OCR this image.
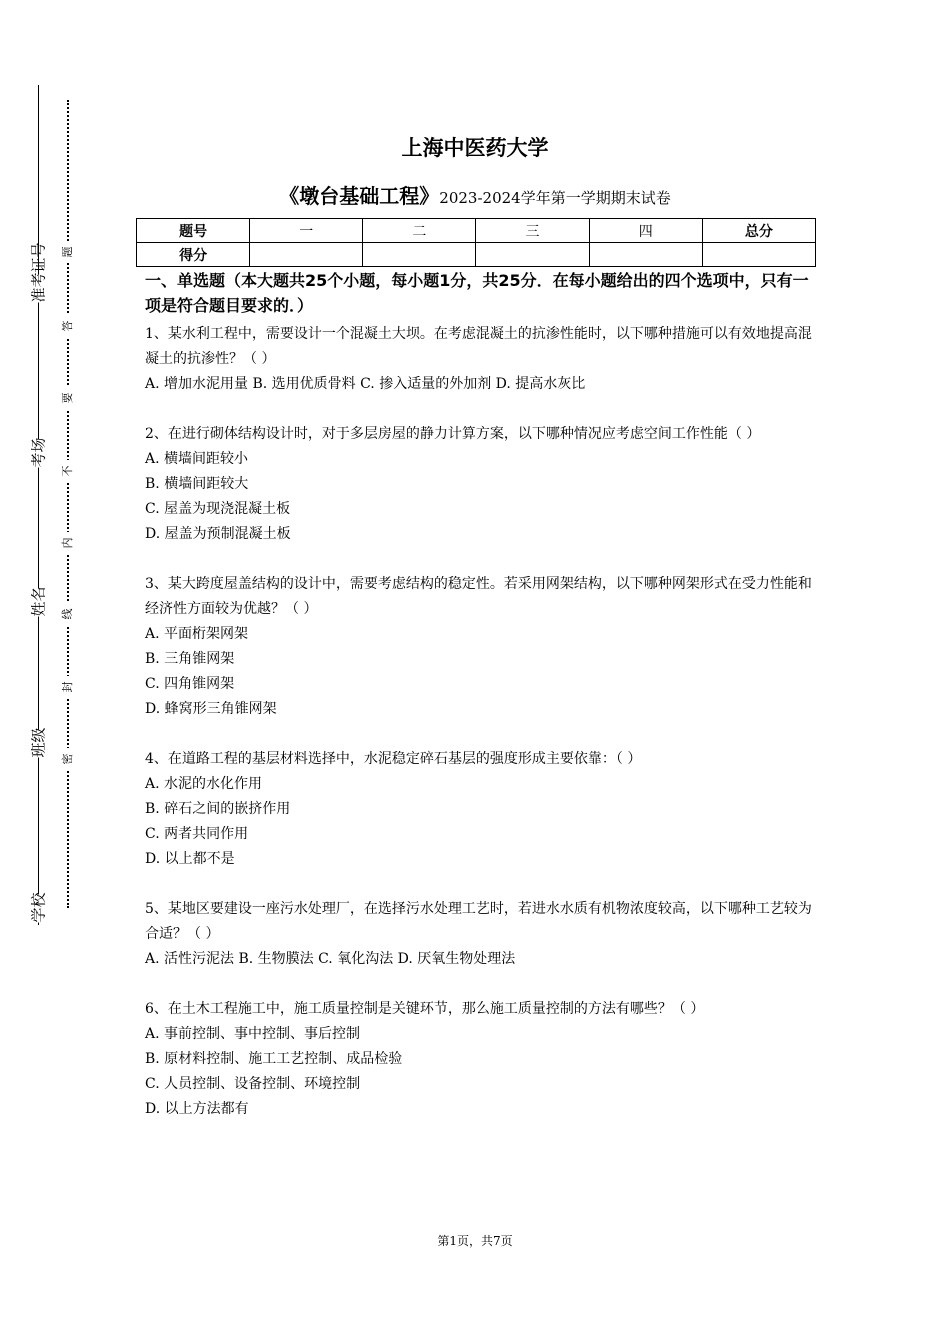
准考证号
考场
姓名
班级
学校
题
答
要
不
内
线
封
密
上海中医药大学
《墩台基础工程》2023-2024学年第一学期期末试卷
题号	一	二	三	四	总分
得分					

一、单选题（本大题共25个小题，每小题1分，共25分．在每小题给出的四个选项中，只有一项是符合题目要求的．）

1、某水利工程中，需要设计一个混凝土大坝。在考虑混凝土的抗渗性能时，以下哪种措施可以有效地提高混凝土的抗渗性？（ ）

A. 增加水泥用量 B. 选用优质骨料 C. 掺入适量的外加剂 D. 提高水灰比

2、在进行砌体结构设计时，对于多层房屋的静力计算方案，以下哪种情况应考虑空间工作性能（ ）

A. 横墙间距较小

B. 横墙间距较大

C. 屋盖为现浇混凝土板

D. 屋盖为预制混凝土板

3、某大跨度屋盖结构的设计中，需要考虑结构的稳定性。若采用网架结构，以下哪种网架形式在受力性能和经济性方面较为优越？（ ）

A. 平面桁架网架

B. 三角锥网架

C. 四角锥网架

D. 蜂窝形三角锥网架

4、在道路工程的基层材料选择中，水泥稳定碎石基层的强度形成主要依靠：（ ）

A. 水泥的水化作用

B. 碎石之间的嵌挤作用

C. 两者共同作用

D. 以上都不是

5、某地区要建设一座污水处理厂，在选择污水处理工艺时，若进水水质有机物浓度较高，以下哪种工艺较为合适？（ ）

A. 活性污泥法 B. 生物膜法 C. 氧化沟法 D. 厌氧生物处理法

6、在土木工程施工中，施工质量控制是关键环节，那么施工质量控制的方法有哪些？（ ）

A. 事前控制、事中控制、事后控制

B. 原材料控制、施工工艺控制、成品检验

C. 人员控制、设备控制、环境控制

D. 以上方法都有

第1页，共7页
